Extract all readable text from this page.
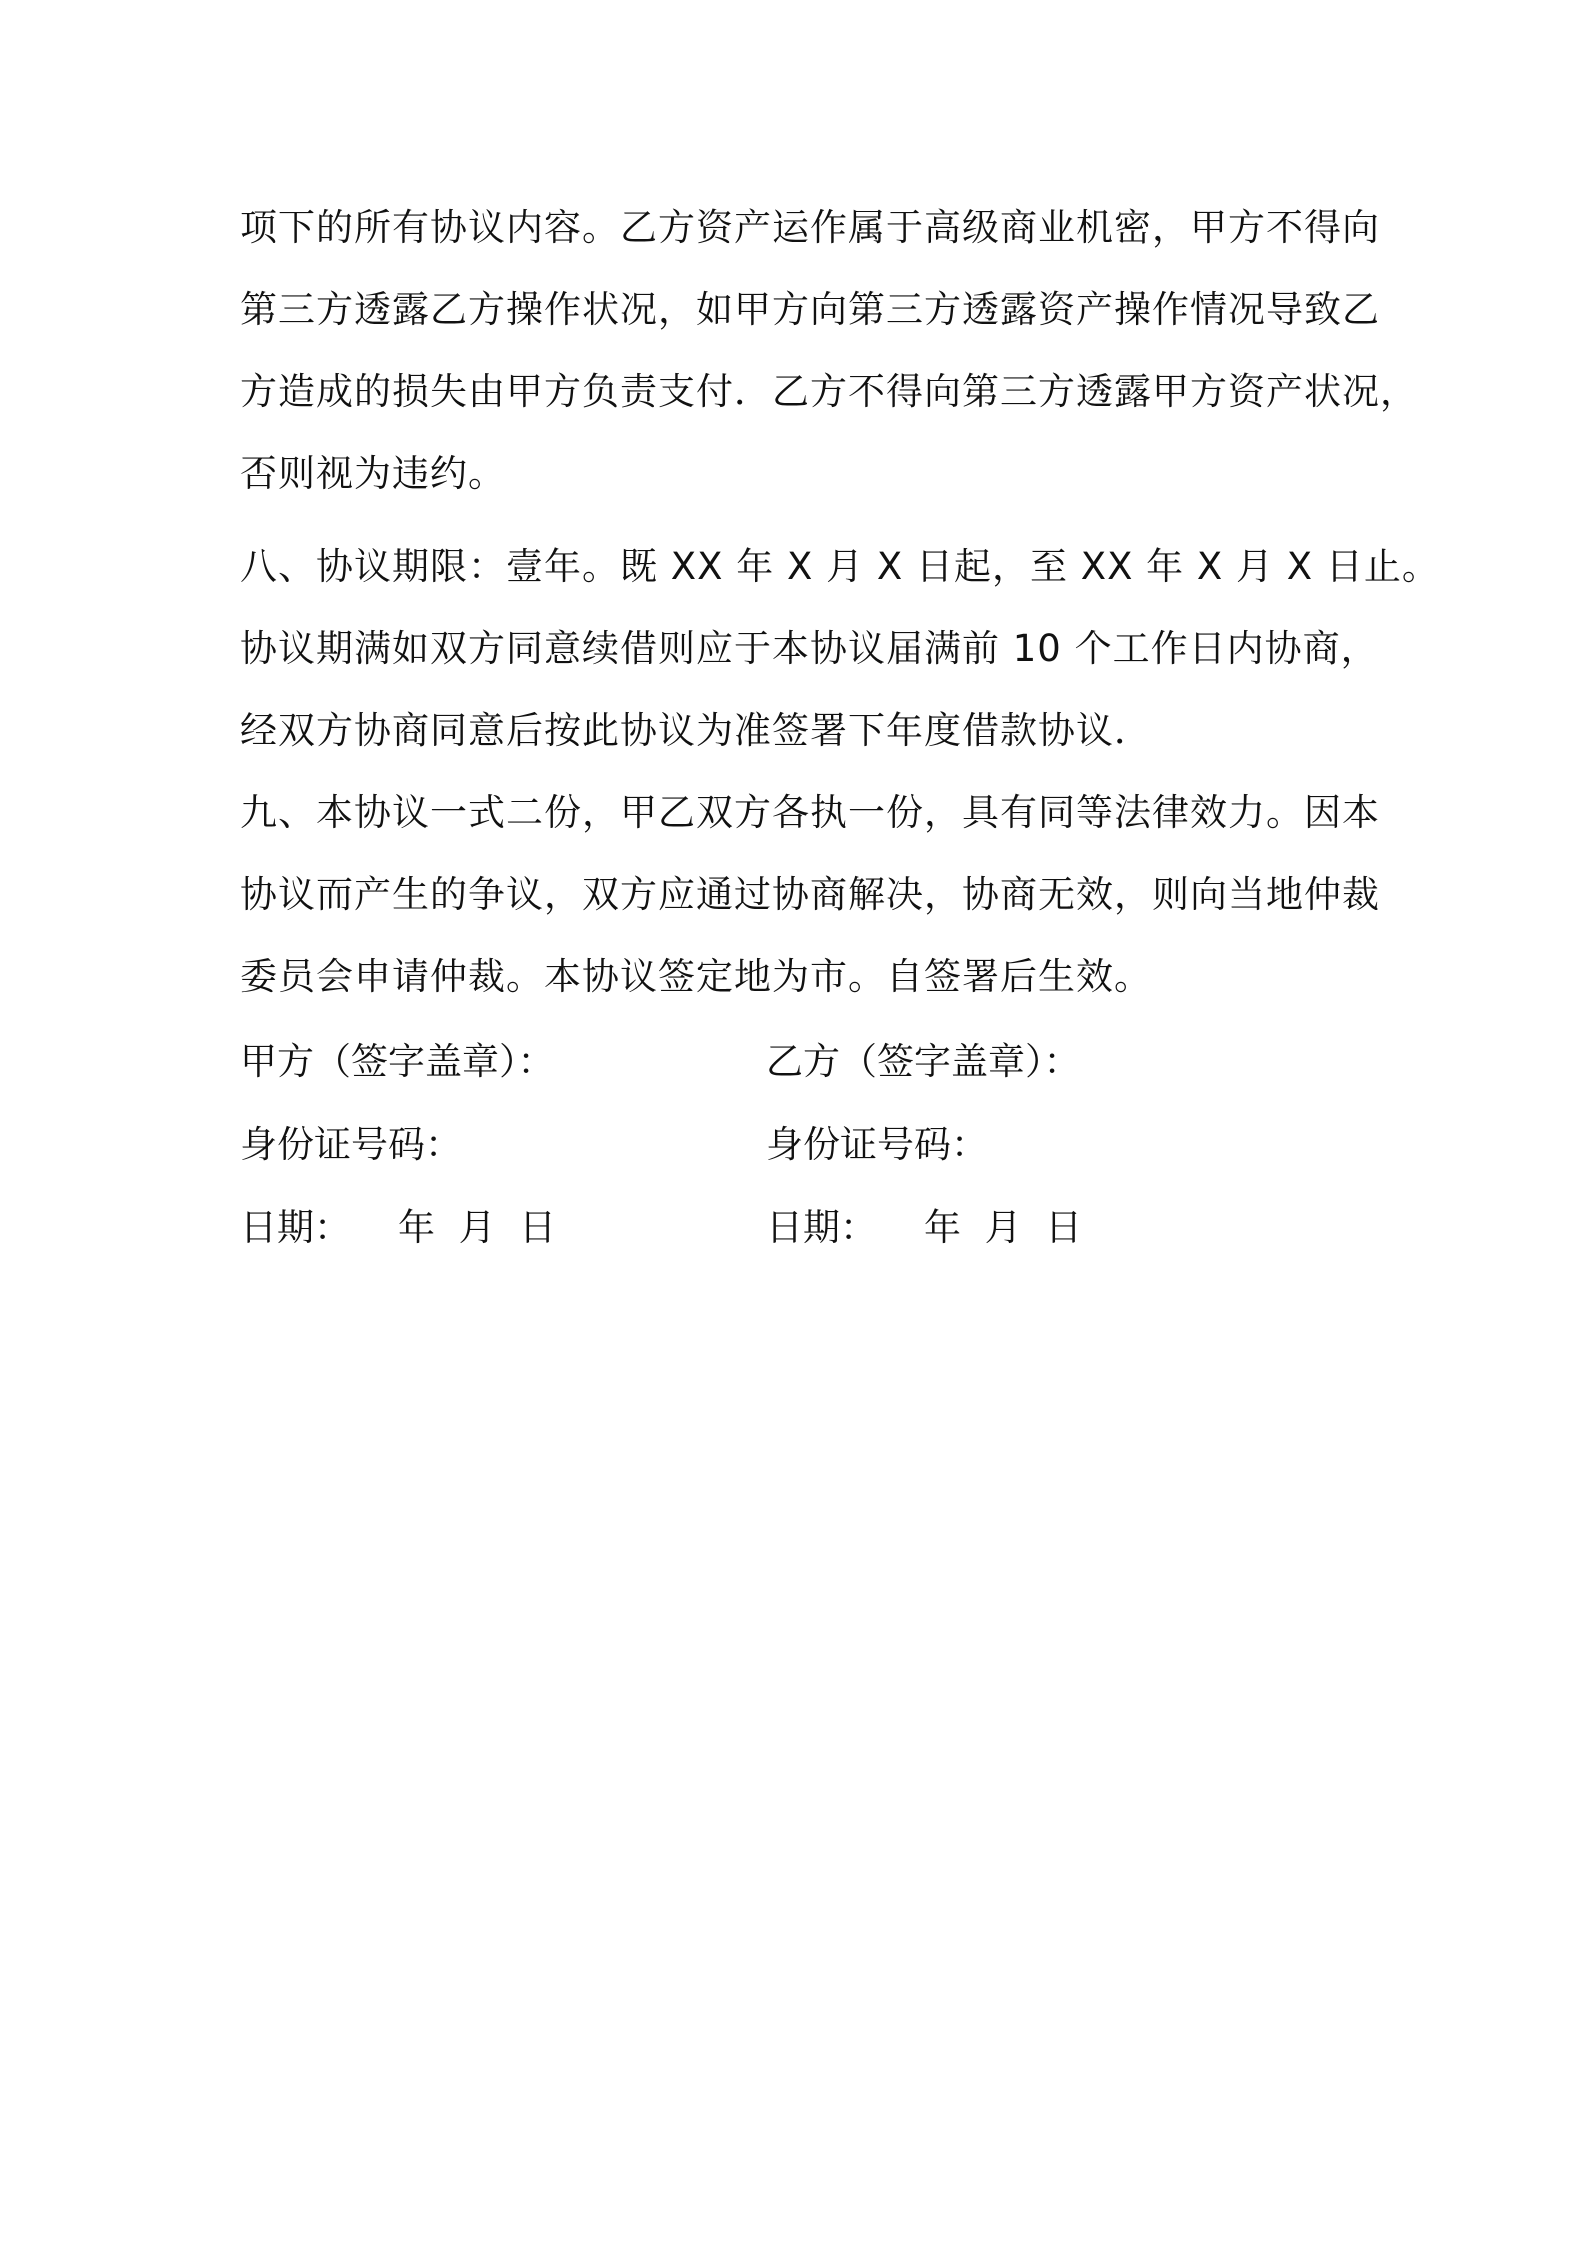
项下的所有协议内容。乙方资产运作属于高级商业机密，甲方不得向
第三方透露乙方操作状况，如甲方向第三方透露资产操作情况导致乙
方造成的损失由甲方负责支付．乙方不得向第三方透露甲方资产状况，
否则视为违约。
八、协议期限：壹年。既 XX 年 X 月 X 日起，至 XX 年 X 月 X 日止。
协议期满如双方同意续借则应于本协议届满前 10 个工作日内协商，
经双方协商同意后按此协议为准签署下年度借款协议．
九、本协议一式二份，甲乙双方各执一份，具有同等法律效力。因本
协议而产生的争议，双方应通过协商解决，协商无效，则向当地仲裁
委员会申请仲裁。本协议签定地为市。自签署后生效。
甲方（签字盖章）：	乙方（签字盖章）：
身份证号码：	身份证号码：
日期：    年  月  日	日期：    年  月  日
